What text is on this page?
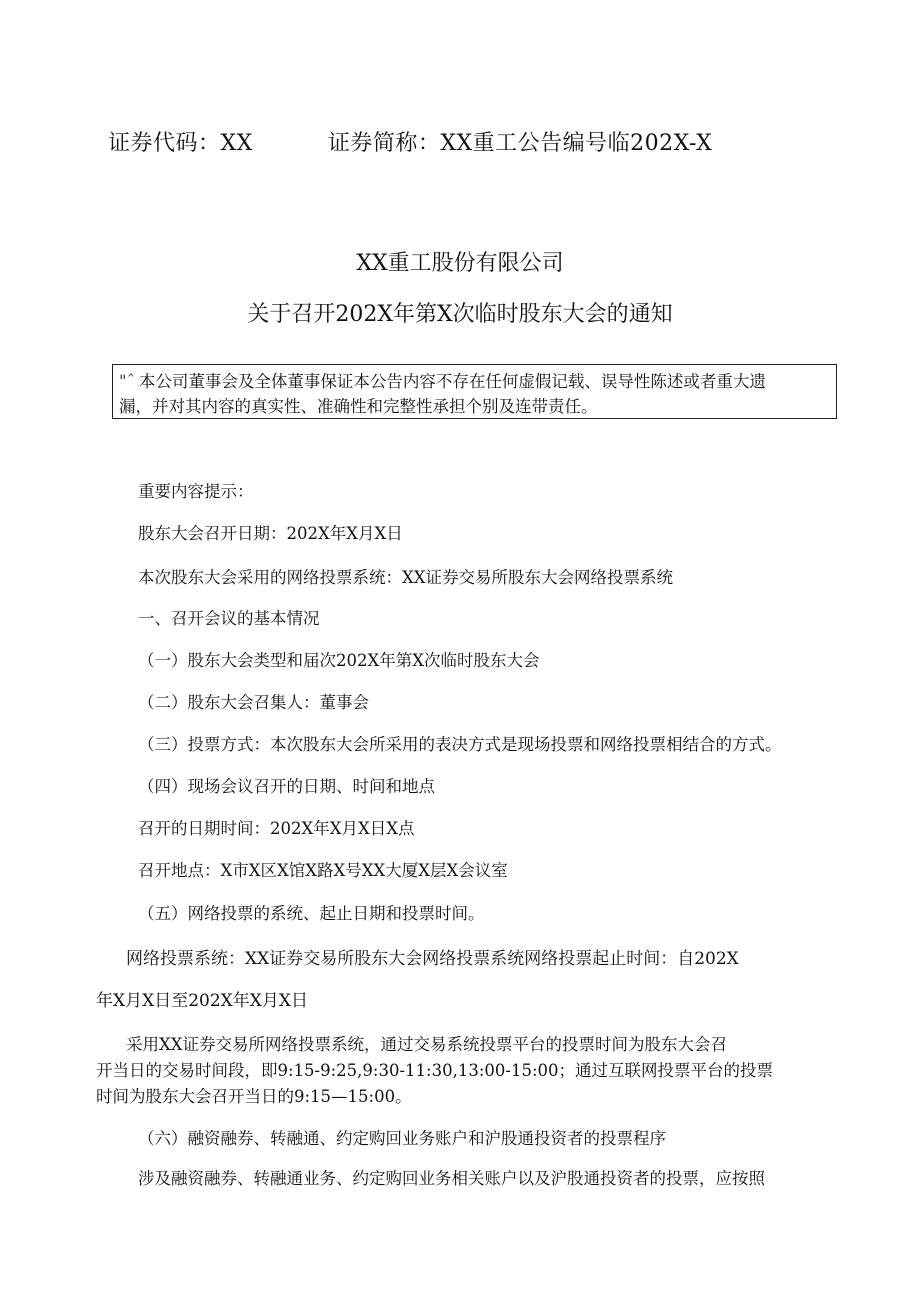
证券代码：XX	证券简称：XX重工公告编号临202X-X
XX重工股份有限公司
关于召开202X年第X次临时股东大会的通知
"ˆ 本公司董事会及全体董事保证本公告内容不存在任何虚假记载、误导性陈述或者重大遗
漏，并对其内容的真实性、准确性和完整性承担个别及连带责任。
重要内容提示：
股东大会召开日期：202X年X月X日
本次股东大会采用的网络投票系统：XX证券交易所股东大会网络投票系统
一、召开会议的基本情况
（一）股东大会类型和届次202X年第X次临时股东大会
（二）股东大会召集人：董事会
（三）投票方式：本次股东大会所采用的表决方式是现场投票和网络投票相结合的方式。
（四）现场会议召开的日期、时间和地点
召开的日期时间：202X年X月X日X点
召开地点：X市X区X馆X路X号XX大厦X层X会议室
（五）网络投票的系统、起止日期和投票时间。
网络投票系统：XX证券交易所股东大会网络投票系统网络投票起止时间：自202X
年X月X日至202X年X月X日
采用XX证券交易所网络投票系统，通过交易系统投票平台的投票时间为股东大会召
开当日的交易时间段，即9:15-9:25,9:30-11:30,13:00-15:00；通过互联网投票平台的投票
时间为股东大会召开当日的9:15—15:00。
（六）融资融券、转融通、约定购回业务账户和沪股通投资者的投票程序
涉及融资融券、转融通业务、约定购回业务相关账户以及沪股通投资者的投票，应按照
